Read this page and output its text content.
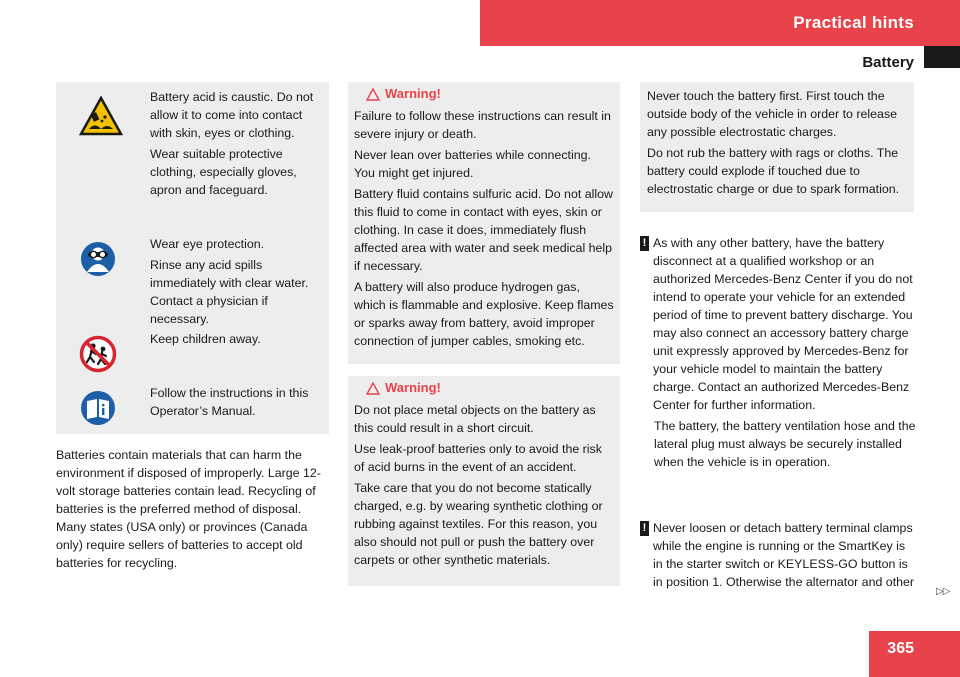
Practical hints
Battery

Battery acid is caustic. Do not allow it to come into contact with skin, eyes or clothing.

Wear suitable protective clothing, especially gloves, apron and faceguard.

Wear eye protection.

Rinse any acid spills immediately with clear water. Contact a physician if necessary.

Keep children away.

Follow the instructions in this Operator’s Manual.

Batteries contain materials that can harm the environment if disposed of improperly. Large 12-volt storage batteries contain lead. Recycling of batteries is the preferred method of disposal. Many states (USA only) or provinces (Canada only) require sellers of batteries to accept old batteries for recycling.
Warning!

Failure to follow these instructions can result in severe injury or death.

Never lean over batteries while connecting. You might get injured.

Battery fluid contains sulfuric acid. Do not allow this fluid to come in contact with eyes, skin or clothing. In case it does, immediately flush affected area with water and seek medical help if necessary.

A battery will also produce hydrogen gas, which is flammable and explosive. Keep flames or sparks away from battery, avoid improper connection of jumper cables, smoking etc.

Warning!

Do not place metal objects on the battery as this could result in a short circuit.

Use leak-proof batteries only to avoid the risk of acid burns in the event of an accident.

Take care that you do not become statically charged, e.g. by wearing synthetic clothing or rubbing against textiles. For this reason, you also should not pull or push the battery over carpets or other synthetic materials.

Never touch the battery first. First touch the outside body of the vehicle in order to release any possible electrostatic charges.

Do not rub the battery with rags or cloths. The battery could explode if touched due to electrostatic charge or due to spark formation.

! As with any other battery, have the battery disconnect at a qualified workshop or an authorized Mercedes-Benz Center if you do not intend to operate your vehicle for an extended period of time to prevent battery discharge. You may also connect an accessory battery charge unit expressly approved by Mercedes-Benz for your vehicle model to maintain the battery charge. Contact an authorized Mercedes-Benz Center for further information.

The battery, the battery ventilation hose and the lateral plug must always be securely installed when the vehicle is in operation.

! Never loosen or detach battery terminal clamps while the engine is running or the SmartKey is in the starter switch or KEYLESS-GO button is in position 1. Otherwise the alternator and other

▷▷
365
